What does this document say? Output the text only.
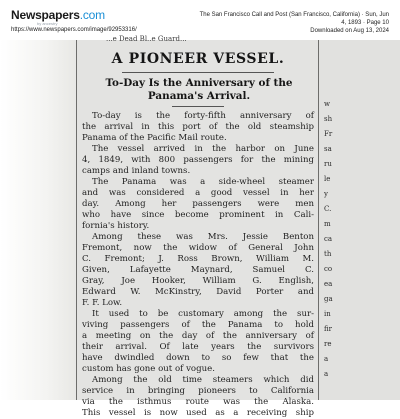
Newspapers.com
by ancestry
https://www.newspapers.com/image/92953316/
The San Francisco Call and Post (San Francisco, California) · Sun, Jun
4, 1893 · Page 10
Downloaded on Aug 13, 2024
w
sh
Fr
sa
ru
le
y
C.
m
ca
th
co
ea
ga
in
fir
re
a
a
...e Dead Bl..e Guard...
A PIONEER VESSEL.
To-Day Is the Anniversary of the
Panama's Arrival.
To-day is the forty-fifth anniversary of
the arrival in this port of the old steamship
Panama of the Pacific Mail route.
The vessel arrived in the harbor on June
4, 1849, with 800 passengers for the mining
camps and inland towns.
The Panama was a side-wheel steamer
and was considered a good vessel in her
day. Among her passengers were men
who have since become prominent in Cali-
fornia's history.
Among these was Mrs. Jessie Benton
Fremont, now the widow of General John
C. Fremont; J. Ross Brown, William M.
Given, Lafayette Maynard, Samuel C.
Gray, Joe Hooker, William G. English,
Edward W. McKinstry, David Porter and
F. F. Low.
It used to be customary among the sur-
viving passengers of the Panama to hold
a meeting on the day of the anniversary of
their arrival. Of late years the survivors
have dwindled down to so few that the
custom has gone out of vogue.
Among the old time steamers which did
service in bringing pioneers to California
via the isthmus route was the Alaska.
This vessel is now used as a receiving ship
